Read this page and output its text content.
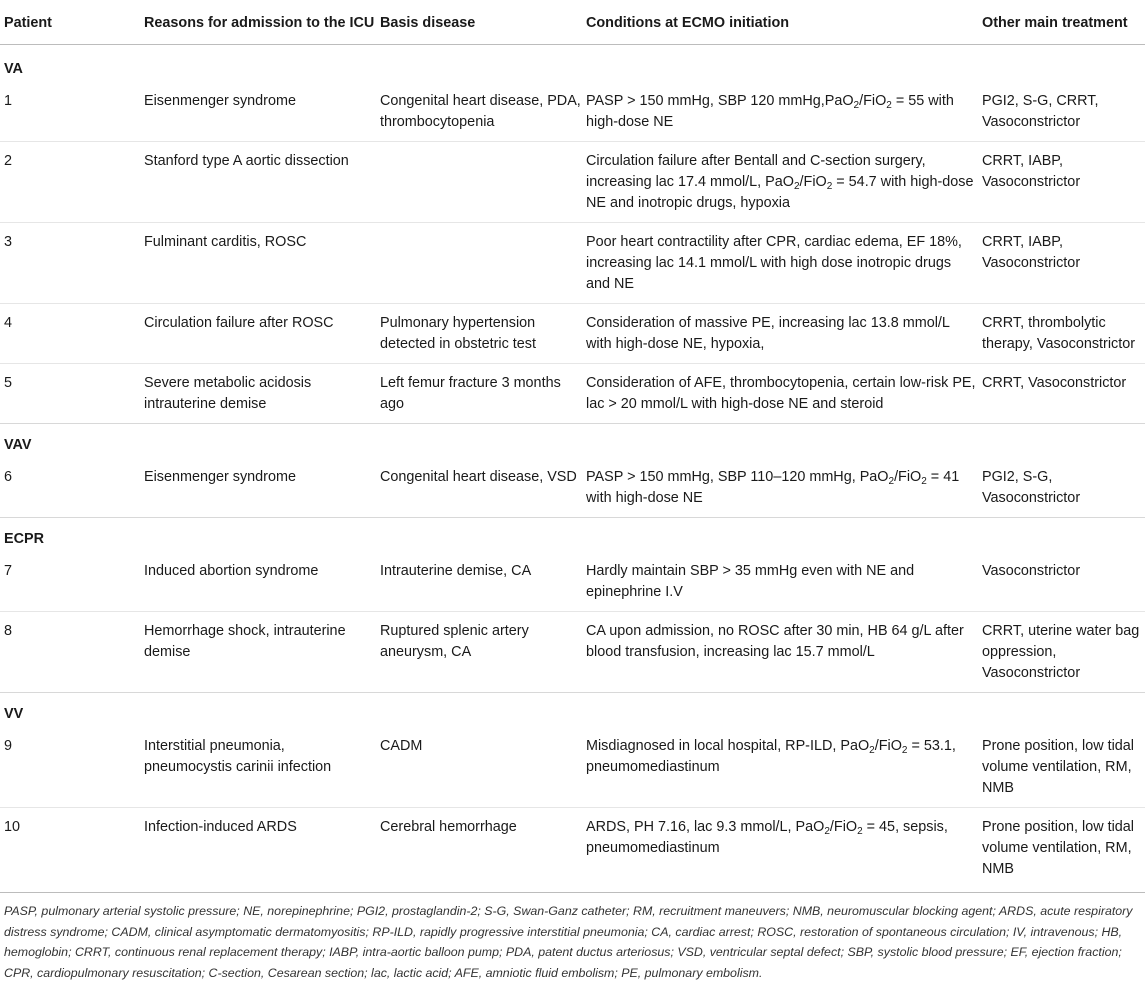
Patient	Reasons for admission to the ICU	Basis disease	Conditions at ECMO initiation	Other main treatment
VA				
1	Eisenmenger syndrome	Congenital heart disease, PDA, thrombocytopenia	PASP > 150 mmHg, SBP 120 mmHg,PaO$_2$/FiO$_2$ = 55 with high-dose NE	PGI2, S-G, CRRT, Vasoconstrictor
2	Stanford type A aortic dissection		Circulation failure after Bentall and C-section surgery, increasing lac 17.4 mmol/L, PaO$_2$/FiO$_2$ = 54.7 with high-dose NE and inotropic drugs, hypoxia	CRRT, IABP, Vasoconstrictor
3	Fulminant carditis, ROSC		Poor heart contractility after CPR, cardiac edema, EF 18%, increasing lac 14.1 mmol/L with high dose inotropic drugs and NE	CRRT, IABP, Vasoconstrictor
4	Circulation failure after ROSC	Pulmonary hypertension detected in obstetric test	Consideration of massive PE, increasing lac 13.8 mmol/L with high-dose NE, hypoxia,	CRRT, thrombolytic therapy, Vasoconstrictor
5	Severe metabolic acidosis intrauterine demise	Left femur fracture 3 months ago	Consideration of AFE, thrombocytopenia, certain low-risk PE, lac > 20 mmol/L with high-dose NE and steroid	CRRT, Vasoconstrictor
VAV				
6	Eisenmenger syndrome	Congenital heart disease, VSD	PASP > 150 mmHg, SBP 110–120 mmHg, PaO$_2$/FiO$_2$ = 41 with high-dose NE	PGI2, S-G, Vasoconstrictor
ECPR				
7	Induced abortion syndrome	Intrauterine demise, CA	Hardly maintain SBP > 35 mmHg even with NE and epinephrine I.V	Vasoconstrictor
8	Hemorrhage shock, intrauterine demise	Ruptured splenic artery aneurysm, CA	CA upon admission, no ROSC after 30 min, HB 64 g/L after blood transfusion, increasing lac 15.7 mmol/L	CRRT, uterine water bag oppression, Vasoconstrictor
VV				
9	Interstitial pneumonia, pneumocystis carinii infection	CADM	Misdiagnosed in local hospital, RP-ILD, PaO$_2$/FiO$_2$ = 53.1, pneumomediastinum	Prone position, low tidal volume ventilation, RM, NMB
10	Infection-induced ARDS	Cerebral hemorrhage	ARDS, PH 7.16, lac 9.3 mmol/L, PaO$_2$/FiO$_2$ = 45, sepsis, pneumomediastinum	Prone position, low tidal volume ventilation, RM, NMB
PASP, pulmonary arterial systolic pressure; NE, norepinephrine; PGI2, prostaglandin-2; S-G, Swan-Ganz catheter; RM, recruitment maneuvers; NMB, neuromuscular blocking agent; ARDS, acute respiratory distress syndrome; CADM, clinical asymptomatic dermatomyositis; RP-ILD, rapidly progressive interstitial pneumonia; CA, cardiac arrest; ROSC, restoration of spontaneous circulation; IV, intravenous; HB, hemoglobin; CRRT, continuous renal replacement therapy; IABP, intra-aortic balloon pump; PDA, patent ductus arteriosus; VSD, ventricular septal defect; SBP, systolic blood pressure; EF, ejection fraction; CPR, cardiopulmonary resuscitation; C-section, Cesarean section; lac, lactic acid; AFE, amniotic fluid embolism; PE, pulmonary embolism.
